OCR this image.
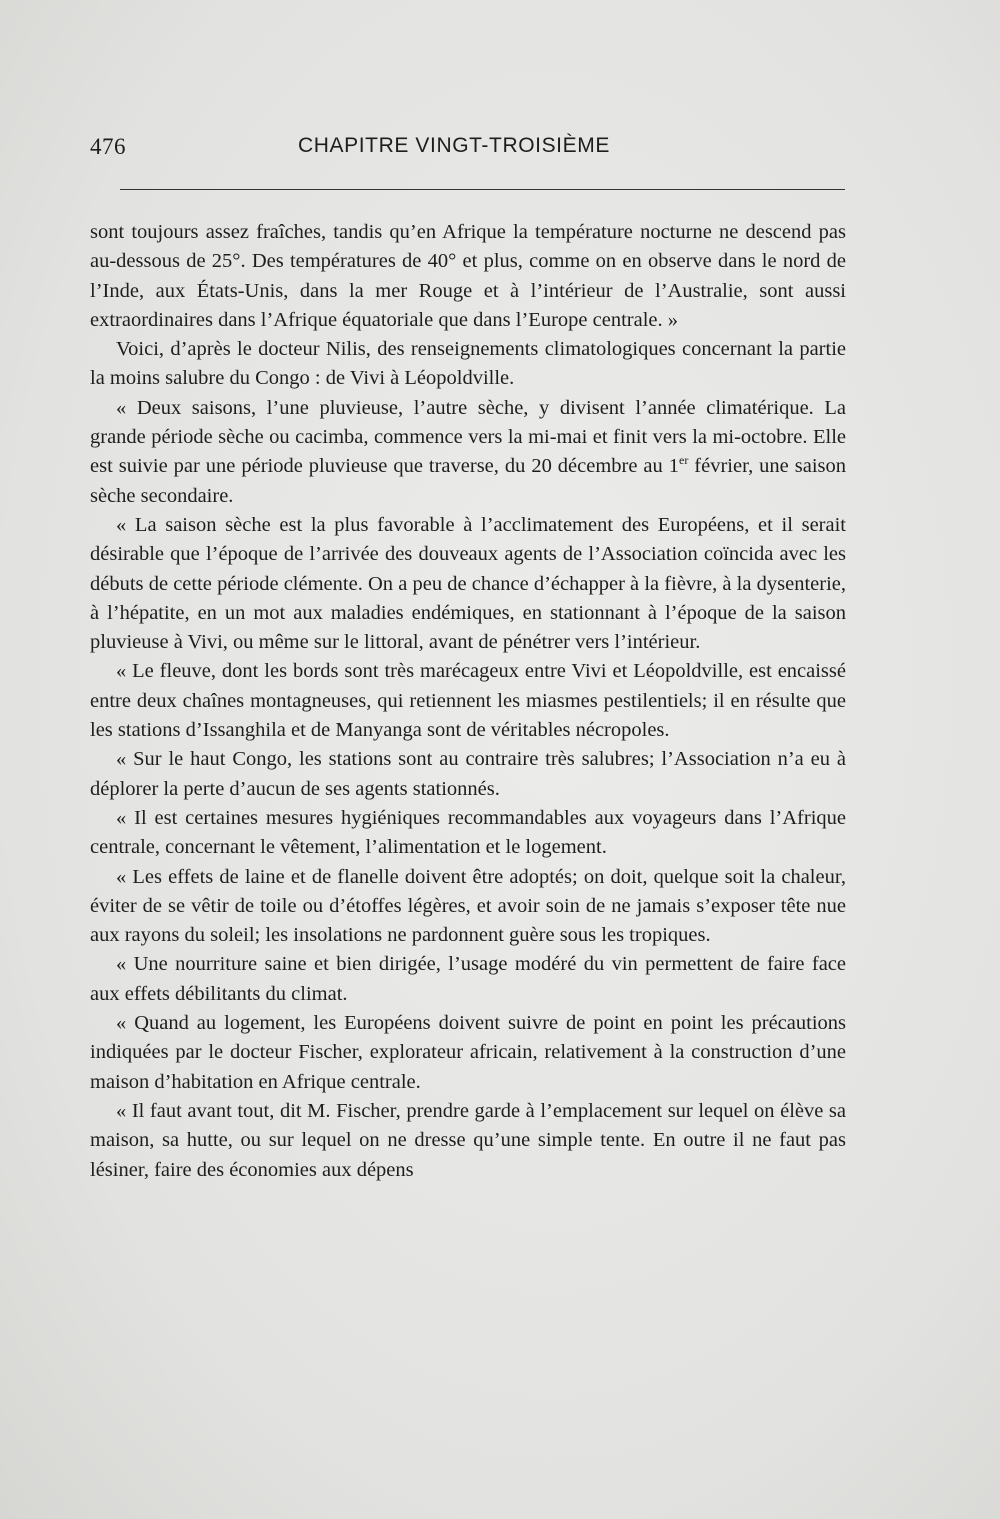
476	CHAPITRE VINGT-TROISIÈME

sont toujours assez fraîches, tandis qu’en Afrique la température nocturne ne descend pas au-dessous de 25°. Des températures de 40° et plus, comme on en observe dans le nord de l’Inde, aux États-Unis, dans la mer Rouge et à l’intérieur de l’Australie, sont aussi extraordinaires dans l’Afrique équatoriale que dans l’Europe centrale. »

Voici, d’après le docteur Nilis, des renseignements climatologiques concernant la partie la moins salubre du Congo : de Vivi à Léopoldville.

« Deux saisons, l’une pluvieuse, l’autre sèche, y divisent l’année climatérique. La grande période sèche ou cacimba, commence vers la mi-mai et finit vers la mi-octobre. Elle est suivie par une période pluvieuse que traverse, du 20 décembre au 1er février, une saison sèche secondaire.

« La saison sèche est la plus favorable à l’acclimatement des Européens, et il serait désirable que l’époque de l’arrivée des douveaux agents de l’Association coïncida avec les débuts de cette période clémente. On a peu de chance d’échapper à la fièvre, à la dysenterie, à l’hépatite, en un mot aux maladies endémiques, en stationnant à l’époque de la saison pluvieuse à Vivi, ou même sur le littoral, avant de pénétrer vers l’intérieur.

« Le fleuve, dont les bords sont très marécageux entre Vivi et Léopoldville, est encaissé entre deux chaînes montagneuses, qui retiennent les miasmes pestilentiels; il en résulte que les stations d’Issanghila et de Manyanga sont de véritables nécropoles.

« Sur le haut Congo, les stations sont au contraire très salubres; l’Association n’a eu à déplorer la perte d’aucun de ses agents stationnés.

« Il est certaines mesures hygiéniques recommandables aux voyageurs dans l’Afrique centrale, concernant le vêtement, l’alimentation et le logement.

« Les effets de laine et de flanelle doivent être adoptés; on doit, quelque soit la chaleur, éviter de se vêtir de toile ou d’étoffes légères, et avoir soin de ne jamais s’exposer tête nue aux rayons du soleil; les insolations ne pardonnent guère sous les tropiques.

« Une nourriture saine et bien dirigée, l’usage modéré du vin permettent de faire face aux effets débilitants du climat.

« Quand au logement, les Européens doivent suivre de point en point les précautions indiquées par le docteur Fischer, explorateur africain, relativement à la construction d’une maison d’habitation en Afrique centrale.

« Il faut avant tout, dit M. Fischer, prendre garde à l’emplacement sur lequel on élève sa maison, sa hutte, ou sur lequel on ne dresse qu’une simple tente. En outre il ne faut pas lésiner, faire des économies aux dépens
